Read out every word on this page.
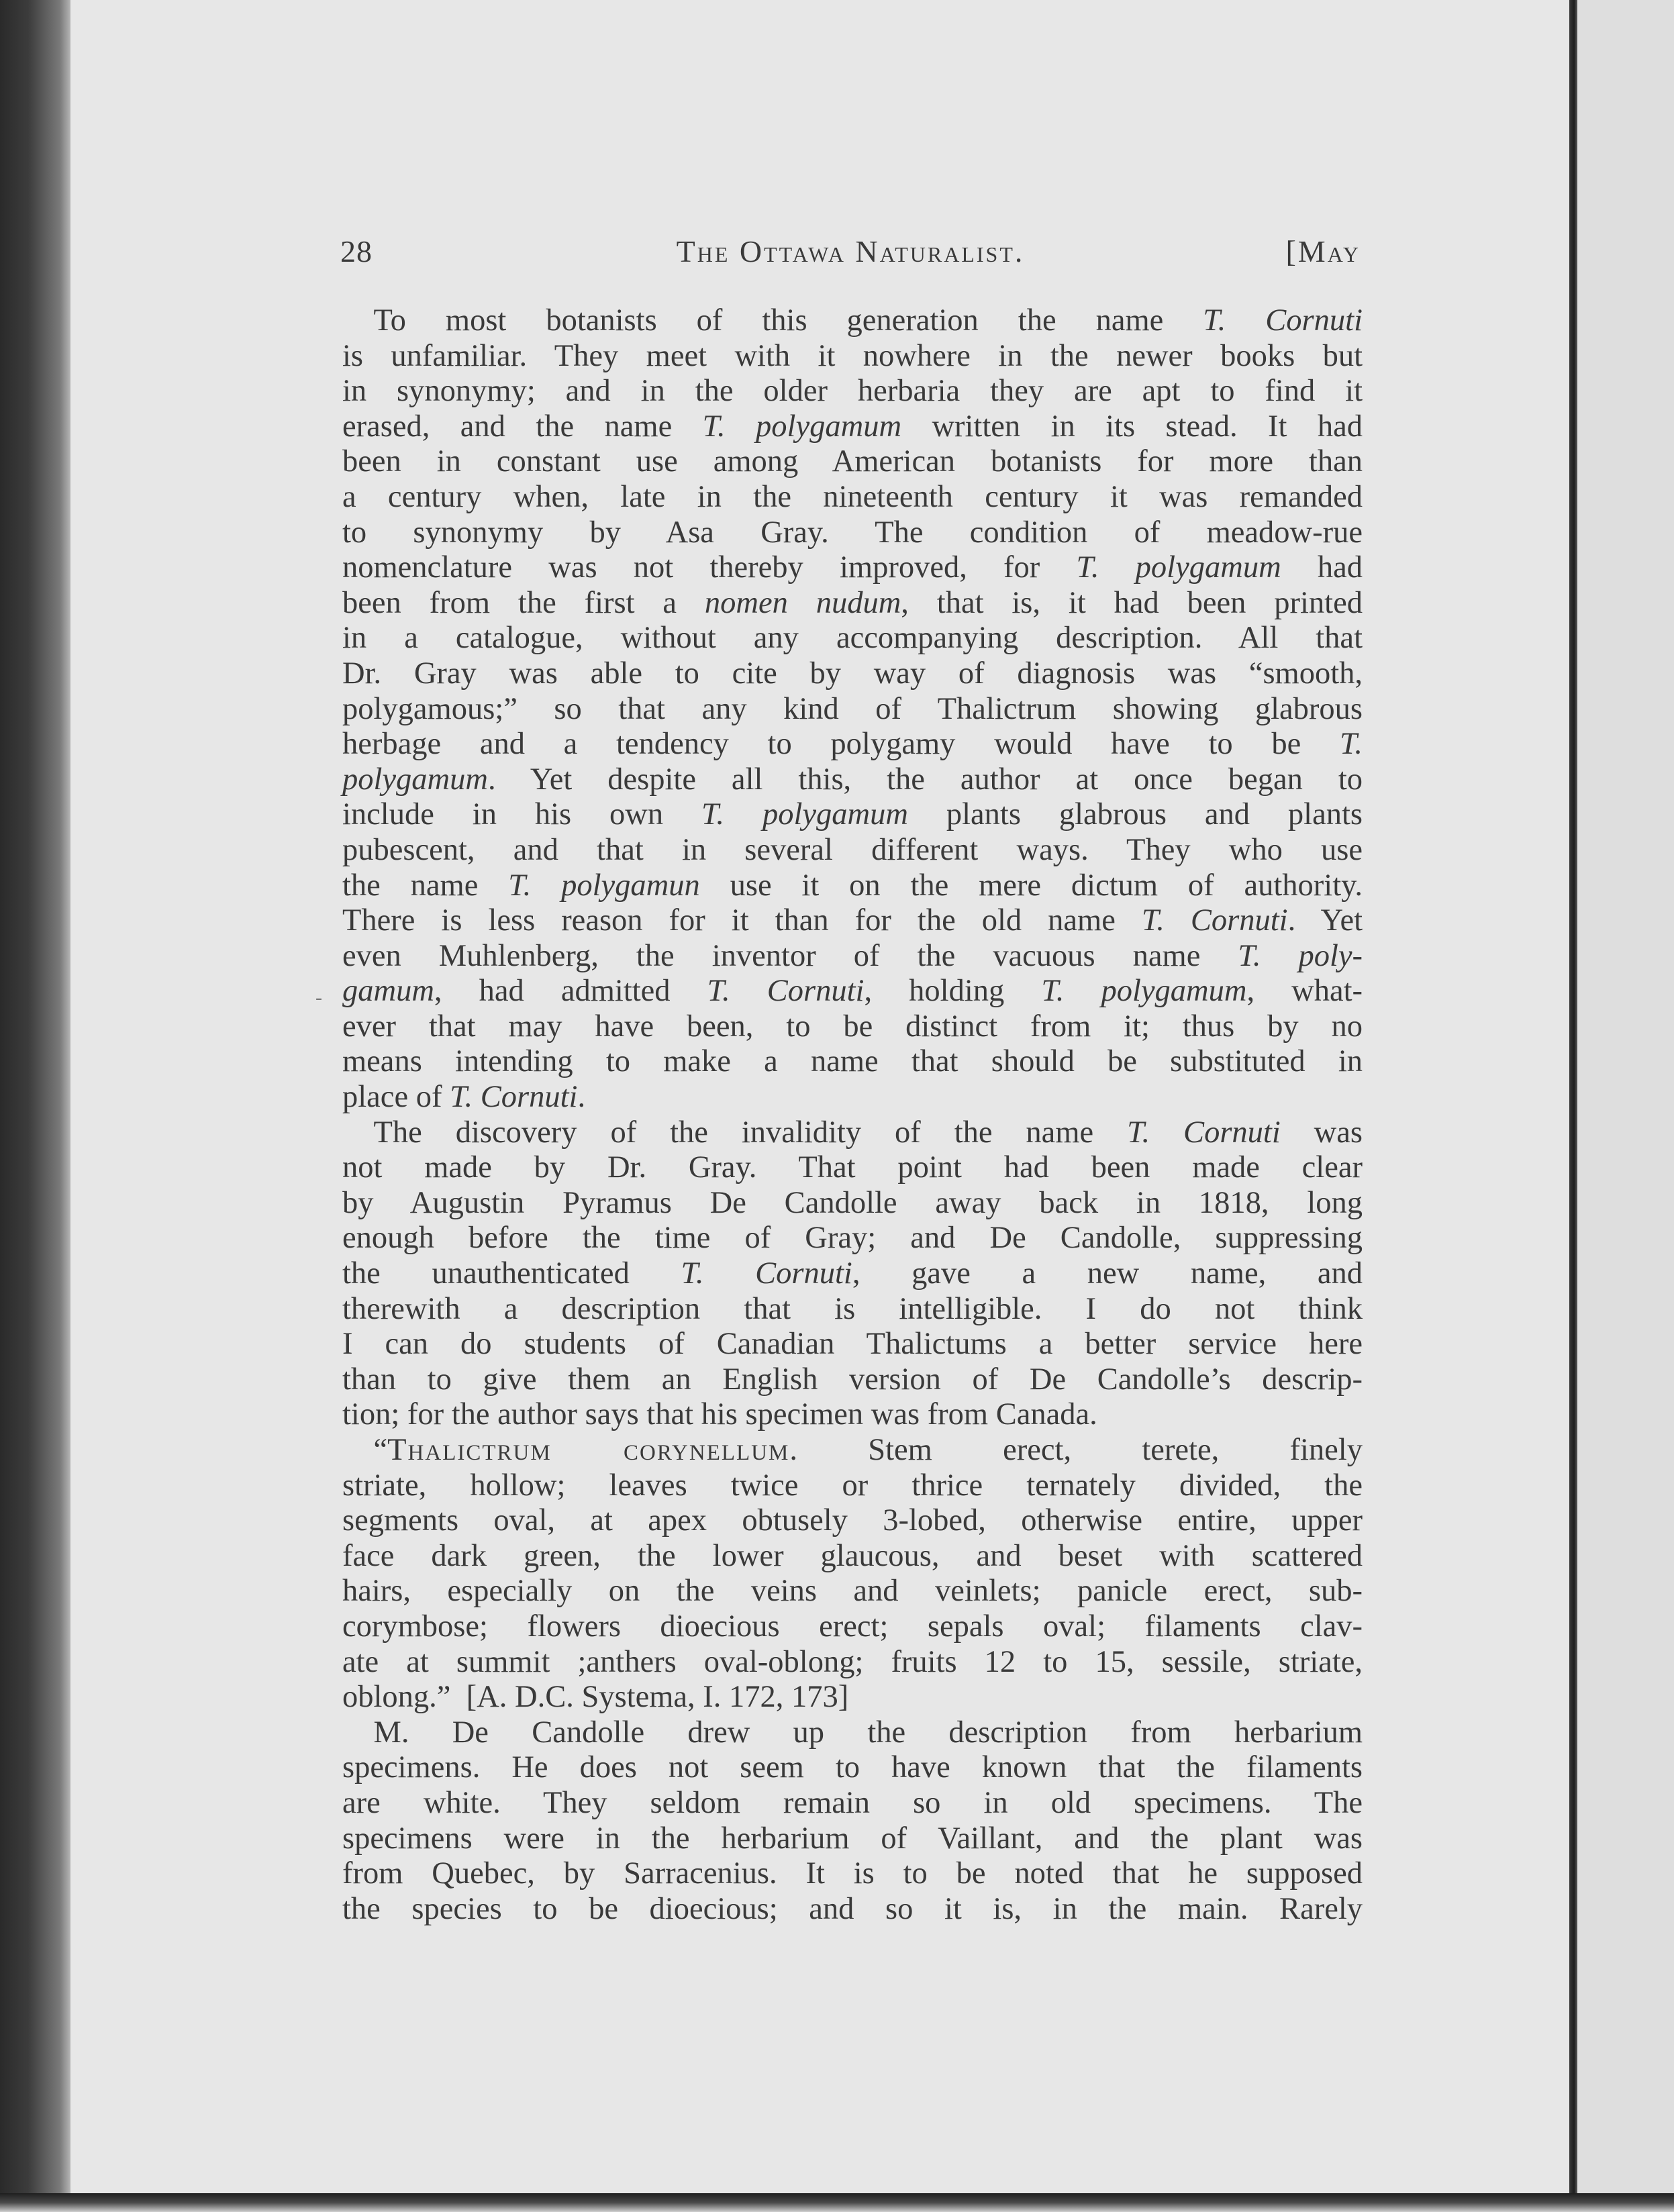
28	The Ottawa Naturalist.	[May
-
 To most botanists of this generation the name T. Cornuti
is unfamiliar. They meet with it nowhere in the newer books but
in synonymy; and in the older herbaria they are apt to find it
erased, and the name T. polygamum written in its stead. It had
been in constant use among American botanists for more than
a century when, late in the nineteenth century it was remanded
to synonymy by Asa Gray. The condition of meadow-rue
nomenclature was not thereby improved, for T. polygamum had
been from the first a nomen nudum, that is, it had been printed
in a catalogue, without any accompanying description. All that
Dr. Gray was able to cite by way of diagnosis was “smooth,
polygamous;” so that any kind of Thalictrum showing glabrous
herbage and a tendency to polygamy would have to be T.
polygamum. Yet despite all this, the author at once began to
include in his own T. polygamum plants glabrous and plants
pubescent, and that in several different ways. They who use
the name T. polygamun use it on the mere dictum of authority.
There is less reason for it than for the old name T. Cornuti. Yet
even Muhlenberg, the inventor of the vacuous name T. poly-
gamum, had admitted T. Cornuti, holding T. polygamum, what-
ever that may have been, to be distinct from it; thus by no
means intending to make a name that should be substituted in
place of T. Cornuti.
 The discovery of the invalidity of the name T. Cornuti was
not made by Dr. Gray. That point had been made clear
by Augustin Pyramus De Candolle away back in 1818, long
enough before the time of Gray; and De Candolle, suppressing
the unauthenticated T. Cornuti, gave a new name, and
therewith a description that is intelligible. I do not think
I can do students of Canadian Thalictums a better service here
than to give them an English version of De Candolle’s descrip-
tion; for the author says that his specimen was from Canada.
 “Thalictrum corynellum. Stem erect, terete, finely
striate, hollow; leaves twice or thrice ternately divided, the
segments oval, at apex obtusely 3-lobed, otherwise entire, upper
face dark green, the lower glaucous, and beset with scattered
hairs, especially on the veins and veinlets; panicle erect, sub-
corymbose; flowers dioecious erect; sepals oval; filaments clav-
ate at summit ;anthers oval-oblong; fruits 12 to 15, sessile, striate,
oblong.”  [A. D.C. Systema, I. 172, 173]
 M. De Candolle drew up the description from herbarium
specimens. He does not seem to have known that the filaments
are white. They seldom remain so in old specimens. The
specimens were in the herbarium of Vaillant, and the plant was
from Quebec, by Sarracenius. It is to be noted that he supposed
the species to be dioecious; and so it is, in the main. Rarely
